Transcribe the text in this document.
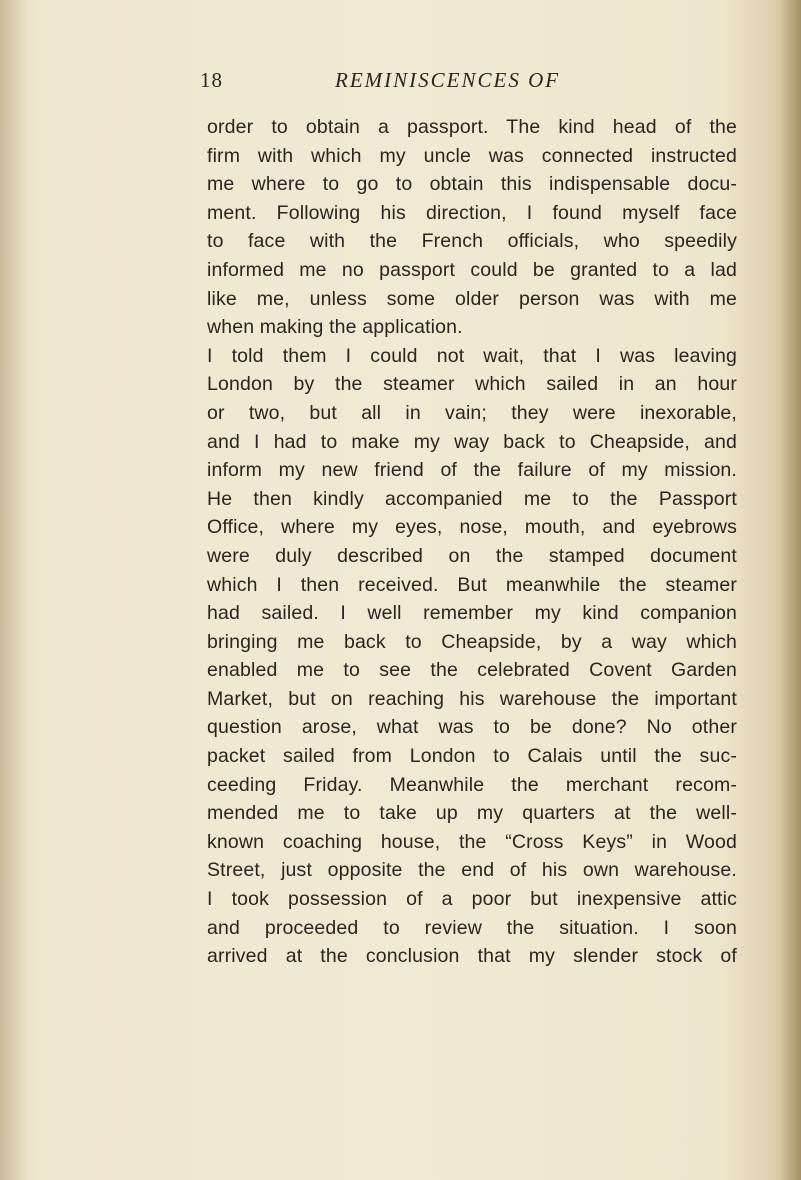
18	REMINISCENCES OF
order to obtain a passport. The kind head of the
firm with which my uncle was connected instructed
me where to go to obtain this indispensable docu-
ment. Following his direction, I found myself face
to face with the French officials, who speedily
informed me no passport could be granted to a lad
like me, unless some older person was with me
when making the application.
I told them I could not wait, that I was leaving
London by the steamer which sailed in an hour
or two, but all in vain; they were inexorable,
and I had to make my way back to Cheapside, and
inform my new friend of the failure of my mission.
He then kindly accompanied me to the Passport
Office, where my eyes, nose, mouth, and eyebrows
were duly described on the stamped document
which I then received. But meanwhile the steamer
had sailed. I well remember my kind companion
bringing me back to Cheapside, by a way which
enabled me to see the celebrated Covent Garden
Market, but on reaching his warehouse the important
question arose, what was to be done? No other
packet sailed from London to Calais until the suc-
ceeding Friday. Meanwhile the merchant recom-
mended me to take up my quarters at the well-
known coaching house, the “Cross Keys” in Wood
Street, just opposite the end of his own warehouse.
I took possession of a poor but inexpensive attic
and proceeded to review the situation. I soon
arrived at the conclusion that my slender stock of
